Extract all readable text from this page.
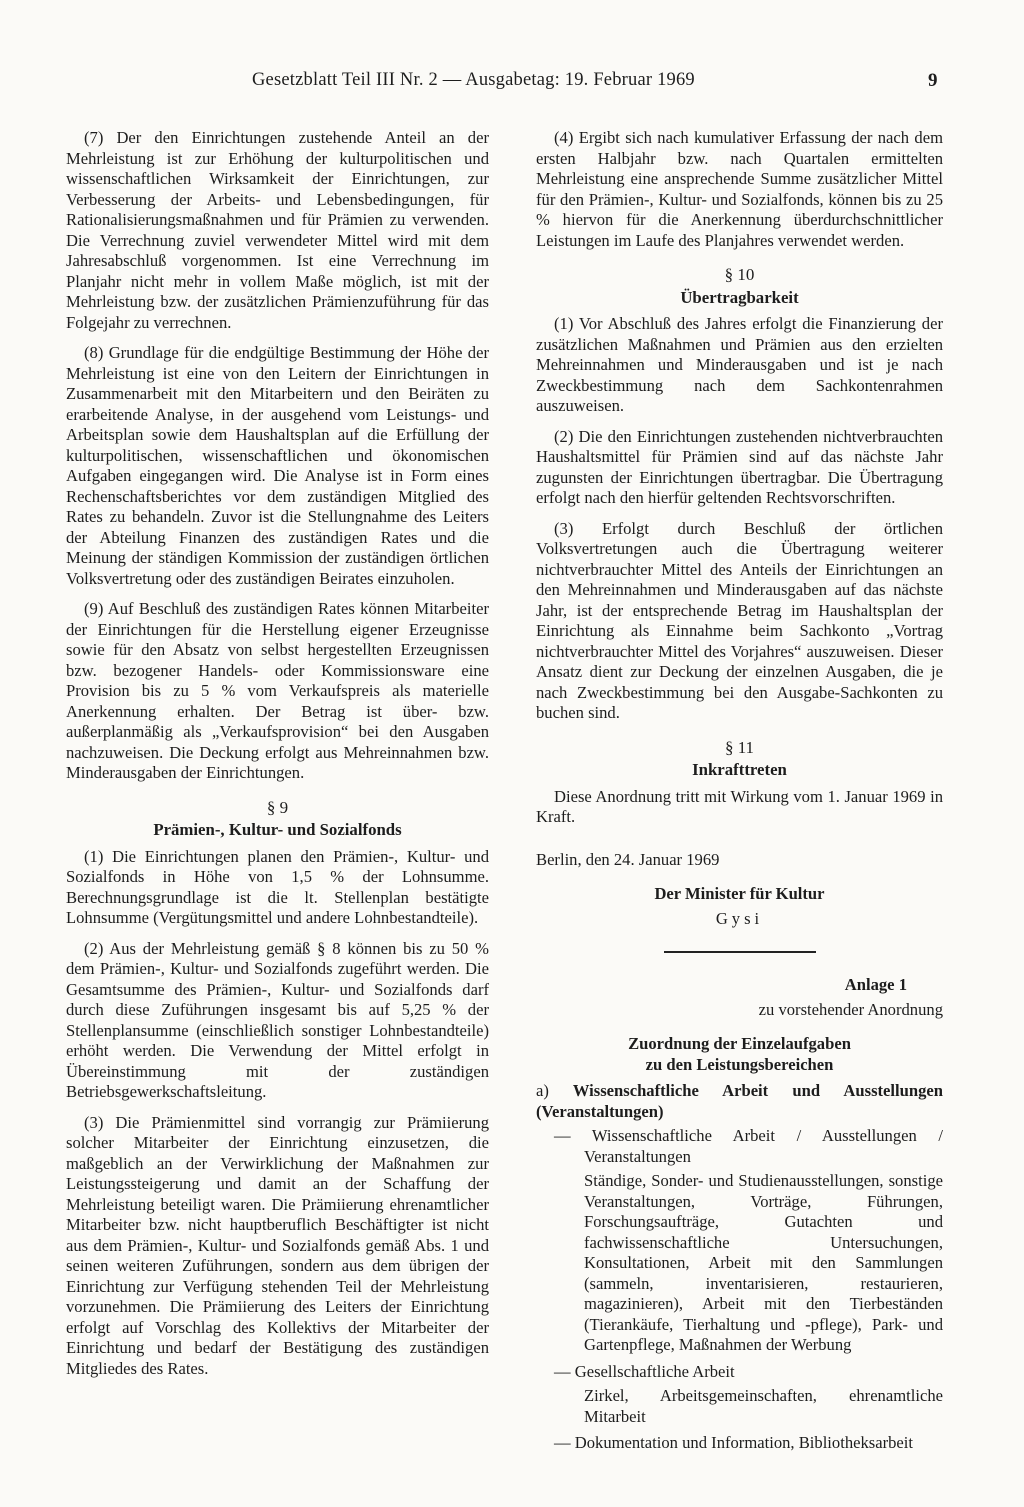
Gesetzblatt Teil III Nr. 2 — Ausgabetag: 19. Februar 1969	9

(7) Der den Einrichtungen zustehende Anteil an der Mehrleistung ist zur Erhöhung der kulturpolitischen und wissenschaftlichen Wirksamkeit der Einrichtungen, zur Verbesserung der Arbeits- und Lebensbedingungen, für Rationalisierungsmaßnahmen und für Prämien zu verwenden. Die Verrechnung zuviel verwendeter Mittel wird mit dem Jahresabschluß vorgenommen. Ist eine Verrechnung im Planjahr nicht mehr in vollem Maße möglich, ist mit der Mehrleistung bzw. der zusätzlichen Prämienzuführung für das Folgejahr zu verrechnen.

(8) Grundlage für die endgültige Bestimmung der Höhe der Mehrleistung ist eine von den Leitern der Einrichtungen in Zusammenarbeit mit den Mitarbeitern und den Beiräten zu erarbeitende Analyse, in der ausgehend vom Leistungs- und Arbeitsplan sowie dem Haushaltsplan auf die Erfüllung der kulturpolitischen, wissenschaftlichen und ökonomischen Aufgaben eingegangen wird. Die Analyse ist in Form eines Rechenschaftsberichtes vor dem zuständigen Mitglied des Rates zu behandeln. Zuvor ist die Stellungnahme des Leiters der Abteilung Finanzen des zuständigen Rates und die Meinung der ständigen Kommission der zuständigen örtlichen Volksvertretung oder des zuständigen Beirates einzuholen.

(9) Auf Beschluß des zuständigen Rates können Mitarbeiter der Einrichtungen für die Herstellung eigener Erzeugnisse sowie für den Absatz von selbst hergestellten Erzeugnissen bzw. bezogener Handels- oder Kommissionsware eine Provision bis zu 5 % vom Verkaufspreis als materielle Anerkennung erhalten. Der Betrag ist über- bzw. außerplanmäßig als „Verkaufsprovision“ bei den Ausgaben nachzuweisen. Die Deckung erfolgt aus Mehreinnahmen bzw. Minderausgaben der Einrichtungen.

§ 9
Prämien-, Kultur- und Sozialfonds

(1) Die Einrichtungen planen den Prämien-, Kultur- und Sozialfonds in Höhe von 1,5 % der Lohnsumme. Berechnungsgrundlage ist die lt. Stellenplan bestätigte Lohnsumme (Vergütungsmittel und andere Lohnbestandteile).

(2) Aus der Mehrleistung gemäß § 8 können bis zu 50 % dem Prämien-, Kultur- und Sozialfonds zugeführt werden. Die Gesamtsumme des Prämien-, Kultur- und Sozialfonds darf durch diese Zuführungen insgesamt bis auf 5,25 % der Stellenplansumme (einschließlich sonstiger Lohnbestandteile) erhöht werden. Die Verwendung der Mittel erfolgt in Übereinstimmung mit der zuständigen Betriebsgewerkschaftsleitung.

(3) Die Prämienmittel sind vorrangig zur Prämiierung solcher Mitarbeiter der Einrichtung einzusetzen, die maßgeblich an der Verwirklichung der Maßnahmen zur Leistungssteigerung und damit an der Schaffung der Mehrleistung beteiligt waren. Die Prämiierung ehrenamtlicher Mitarbeiter bzw. nicht hauptberuflich Beschäftigter ist nicht aus dem Prämien-, Kultur- und Sozialfonds gemäß Abs. 1 und seinen weiteren Zuführungen, sondern aus dem übrigen der Einrichtung zur Verfügung stehenden Teil der Mehrleistung vorzunehmen. Die Prämiierung des Leiters der Einrichtung erfolgt auf Vorschlag des Kollektivs der Mitarbeiter der Einrichtung und bedarf der Bestätigung des zuständigen Mitgliedes des Rates.

(4) Ergibt sich nach kumulativer Erfassung der nach dem ersten Halbjahr bzw. nach Quartalen ermittelten Mehrleistung eine ansprechende Summe zusätzlicher Mittel für den Prämien-, Kultur- und Sozialfonds, können bis zu 25 % hiervon für die Anerkennung überdurchschnittlicher Leistungen im Laufe des Planjahres verwendet werden.

§ 10
Übertragbarkeit

(1) Vor Abschluß des Jahres erfolgt die Finanzierung der zusätzlichen Maßnahmen und Prämien aus den erzielten Mehreinnahmen und Minderausgaben und ist je nach Zweckbestimmung nach dem Sachkontenrahmen auszuweisen.

(2) Die den Einrichtungen zustehenden nichtverbrauchten Haushaltsmittel für Prämien sind auf das nächste Jahr zugunsten der Einrichtungen übertragbar. Die Übertragung erfolgt nach den hierfür geltenden Rechtsvorschriften.

(3) Erfolgt durch Beschluß der örtlichen Volksvertretungen auch die Übertragung weiterer nichtverbrauchter Mittel des Anteils der Einrichtungen an den Mehreinnahmen und Minderausgaben auf das nächste Jahr, ist der entsprechende Betrag im Haushaltsplan der Einrichtung als Einnahme beim Sachkonto „Vortrag nichtverbrauchter Mittel des Vorjahres“ auszuweisen. Dieser Ansatz dient zur Deckung der einzelnen Ausgaben, die je nach Zweckbestimmung bei den Ausgabe-Sachkonten zu buchen sind.

§ 11
Inkrafttreten

Diese Anordnung tritt mit Wirkung vom 1. Januar 1969 in Kraft.

Berlin, den 24. Januar 1969

Der Minister für Kultur

Gysi

Anlage 1

zu vorstehender Anordnung

Zuordnung der Einzelaufgaben
zu den Leistungsbereichen

a) Wissenschaftliche Arbeit und Ausstellungen (Veranstaltungen)

— Wissenschaftliche Arbeit / Ausstellungen / Veranstaltungen

Ständige, Sonder- und Studienausstellungen, sonstige Veranstaltungen, Vorträge, Führungen, Forschungsaufträge, Gutachten und fachwissenschaftliche Untersuchungen, Konsultationen, Arbeit mit den Sammlungen (sammeln, inventarisieren, restaurieren, magazinieren), Arbeit mit den Tierbeständen (Tierankäufe, Tierhaltung und -pflege), Park- und Gartenpflege, Maßnahmen der Werbung

— Gesellschaftliche Arbeit

Zirkel, Arbeitsgemeinschaften, ehrenamtliche Mitarbeit

— Dokumentation und Information, Bibliotheksarbeit
